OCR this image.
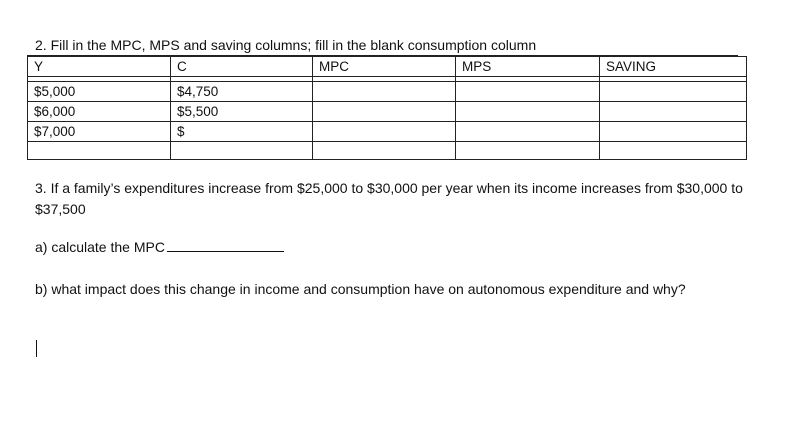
2. Fill in the MPC, MPS and saving columns; fill in the blank consumption column
Y	C	MPC	MPS	SAVING

$5,000	$4,750			
$6,000	$5,500			
$7,000	$			

3. If a family’s expenditures increase from $25,000 to $30,000 per year when its income increases from $30,000 to $37,500
a) calculate the MPC
b) what impact does this change in income and consumption have on autonomous expenditure and why?
